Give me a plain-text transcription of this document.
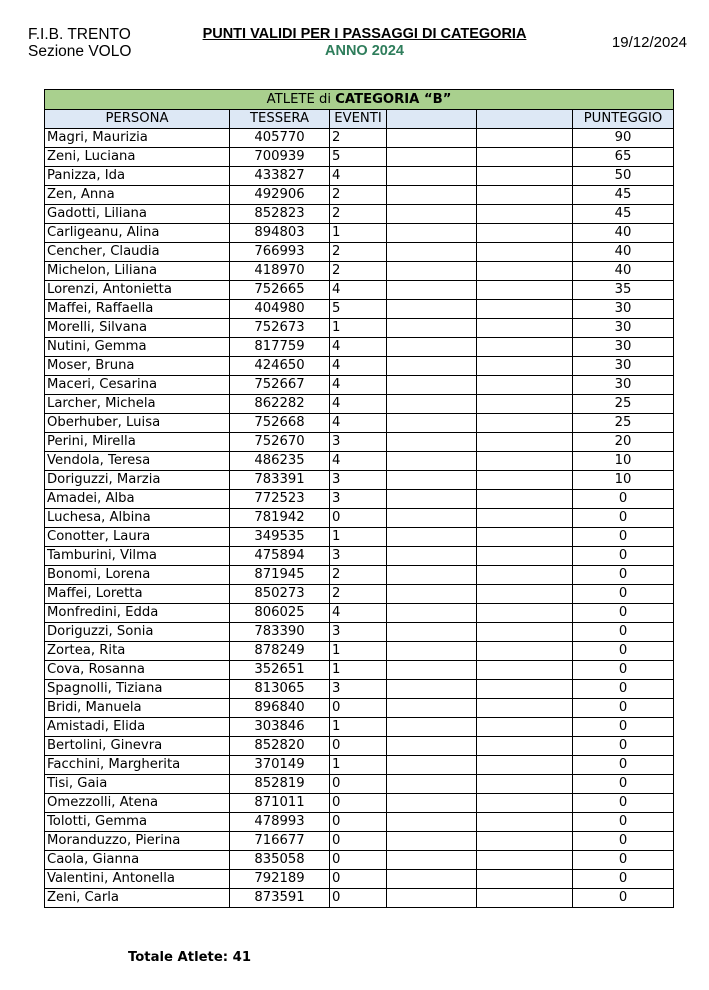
F.I.B. TRENTO
Sezione VOLO
PUNTI VALIDI PER I PASSAGGI DI CATEGORIA
ANNO 2024	19/12/2024
ATLETE di CATEGORIA “B”					
PERSONA	TESSERA	EVENTI			PUNTEGGIO
Magri, Maurizia	405770	2			90
Zeni, Luciana	700939	5			65
Panizza, Ida	433827	4			50
Zen, Anna	492906	2			45
Gadotti, Liliana	852823	2			45
Carligeanu, Alina	894803	1			40
Cencher, Claudia	766993	2			40
Michelon, Liliana	418970	2			40
Lorenzi, Antonietta	752665	4			35
Maffei, Raffaella	404980	5			30
Morelli, Silvana	752673	1			30
Nutini, Gemma	817759	4			30
Moser, Bruna	424650	4			30
Maceri, Cesarina	752667	4			30
Larcher, Michela	862282	4			25
Oberhuber, Luisa	752668	4			25
Perini, Mirella	752670	3			20
Vendola, Teresa	486235	4			10
Doriguzzi, Marzia	783391	3			10
Amadei, Alba	772523	3			0
Luchesa, Albina	781942	0			0
Conotter, Laura	349535	1			0
Tamburini, Vilma	475894	3			0
Bonomi, Lorena	871945	2			0
Maffei, Loretta	850273	2			0
Monfredini, Edda	806025	4			0
Doriguzzi, Sonia	783390	3			0
Zortea, Rita	878249	1			0
Cova, Rosanna	352651	1			0
Spagnolli, Tiziana	813065	3			0
Bridi, Manuela	896840	0			0
Amistadi, Elida	303846	1			0
Bertolini, Ginevra	852820	0			0
Facchini, Margherita	370149	1			0
Tisi, Gaia	852819	0			0
Omezzolli, Atena	871011	0			0
Tolotti, Gemma	478993	0			0
Moranduzzo, Pierina	716677	0			0
Caola, Gianna	835058	0			0
Valentini, Antonella	792189	0			0
Zeni, Carla	873591	0			0
Totale Atlete: 41
